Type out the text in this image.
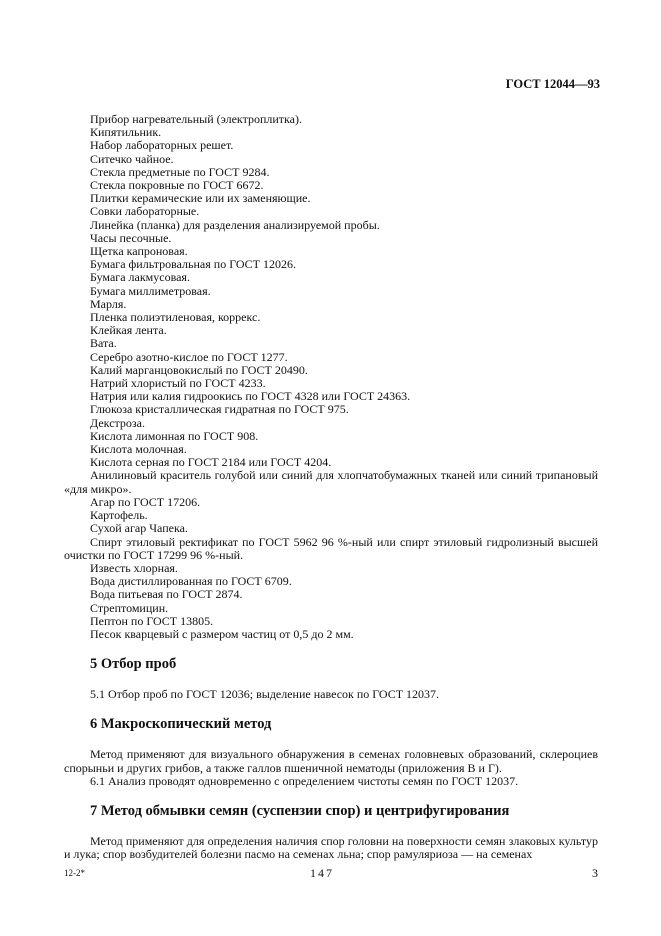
ГОСТ 12044—93
Прибор нагревательный (электроплитка).
Кипятильник.
Набор лабораторных решет.
Ситечко чайное.
Стекла предметные по ГОСТ 9284.
Стекла покровные по ГОСТ 6672.
Плитки керамические или их заменяющие.
Совки лабораторные.
Линейка (планка) для разделения анализируемой пробы.
Часы песочные.
Щетка капроновая.
Бумага фильтровальная по ГОСТ 12026.
Бумага лакмусовая.
Бумага миллиметровая.
Марля.
Пленка полиэтиленовая, коррекс.
Клейкая лента.
Вата.
Серебро азотно-кислое по ГОСТ 1277.
Калий марганцовокислый по ГОСТ 20490.
Натрий хлористый по ГОСТ 4233.
Натрия или калия гидроокись по ГОСТ 4328 или ГОСТ 24363.
Глюкоза кристаллическая гидратная по ГОСТ 975.
Декстроза.
Кислота лимонная по ГОСТ 908.
Кислота молочная.
Кислота серная по ГОСТ 2184 или ГОСТ 4204.
Анилиновый краситель голубой или синий для хлопчатобумажных тканей или синий трипановый «для микро».
Агар по ГОСТ 17206.
Картофель.
Сухой агар Чапека.
Спирт этиловый ректификат по ГОСТ 5962 96 %-ный или спирт этиловый гидролизный высшей очистки по ГОСТ 17299 96 %-ный.
Известь хлорная.
Вода дистиллированная по ГОСТ 6709.
Вода питьевая по ГОСТ 2874.
Стрептомицин.
Пептон по ГОСТ 13805.
Песок кварцевый с размером частиц от 0,5 до 2 мм.
5 Отбор проб
5.1 Отбор проб по ГОСТ 12036; выделение навесок по ГОСТ 12037.
6 Макроскопический метод
Метод применяют для визуального обнаружения в семенах головневых образований, склероциев спорыньи и других грибов, а также галлов пшеничной нематоды (приложения В и Г).
6.1 Анализ проводят одновременно с определением чистоты семян по ГОСТ 12037.
7 Метод обмывки семян (суспензии спор) и центрифугирования
Метод применяют для определения наличия спор головни на поверхности семян злаковых культур и лука; спор возбудителей болезни пасмо на семенах льна; спор рамуляриоза — на семенах
12-2*	147	3
